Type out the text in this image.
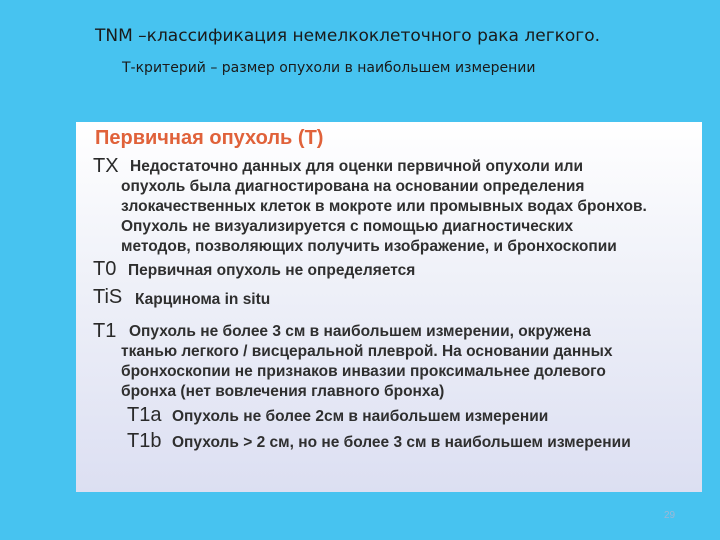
TNM –классификация немелкоклеточного рака легкого.
Т-критерий – размер опухоли в наибольшем измерении
Первичная опухоль (T)
TX Недостаточно данных для оценки первичной опухоли или
опухоль была диагностирована на основании определения
злокачественных клеток в мокроте или промывных водах бронхов.
Опухоль не визуализируется с помощью диагностических
методов, позволяющих получить изображение, и бронхоскопии
T0 Первичная опухоль не определяется
TiS Карцинома in situ
T1 Опухоль не более 3 см в наибольшем измерении, окружена
тканью легкого / висцеральной плеврой. На основании данных
бронхоскопии не признаков инвазии проксимальнее долевого
бронха (нет вовлечения главного бронха)
T1a Опухоль не более 2см в наибольшем измерении
T1b Опухоль > 2 см, но не более 3 см в наибольшем измерении
29
